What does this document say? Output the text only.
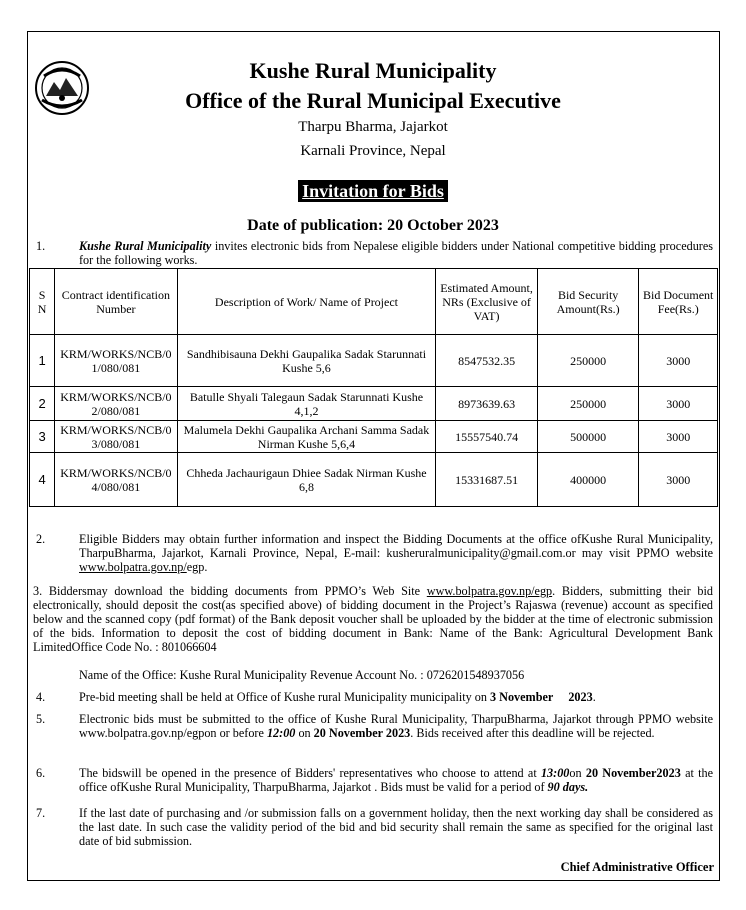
Kushe Rural Municipality
Office of the Rural Municipal Executive
Tharpu Bharma, Jajarkot
Karnali Province, Nepal
Invitation for Bids
Date of publication: 20 October 2023
1.	Kushe Rural Municipality invites electronic bids from Nepalese eligible bidders under National competitive bidding procedures for the following works.
S N	Contract identification Number	Description of Work/ Name of Project	Estimated Amount, NRs (Exclusive of VAT)	Bid Security Amount(Rs.)	Bid Document Fee(Rs.)
1	KRM/WORKS/NCB/01/080/081	Sandhibisauna Dekhi Gaupalika Sadak Starunnati Kushe 5,6	8547532.35	250000	3000
2	KRM/WORKS/NCB/02/080/081	Batulle Shyali Talegaun Sadak Starunnati Kushe 4,1,2	8973639.63	250000	3000
3	KRM/WORKS/NCB/03/080/081	Malumela Dekhi Gaupalika Archani Samma Sadak Nirman Kushe 5,6,4	15557540.74	500000	3000
4	KRM/WORKS/NCB/04/080/081	Chheda Jachaurigaun Dhiee Sadak Nirman Kushe 6,8	15331687.51	400000	3000
2.	Eligible Bidders may obtain further information and inspect the Bidding Documents at the office ofKushe Rural Municipality, TharpuBharma, Jajarkot, Karnali Province, Nepal, E-mail: kusheruralmunicipality@gmail.com.or may visit PPMO website www.bolpatra.gov.np/egp.
3. Biddersmay download the bidding documents from PPMO’s Web Site www.bolpatra.gov.np/egp. Bidders, submitting their bid electronically, should deposit the cost(as specified above) of bidding document in the Project’s Rajaswa (revenue) account as specified below and the scanned copy (pdf format) of the Bank deposit voucher shall be uploaded by the bidder at the time of electronic submission of the bids. Information to deposit the cost of bidding document in Bank: Name of the Bank: Agricultural Development Bank LimitedOffice Code No. : 801066604
Name of the Office: Kushe Rural Municipality Revenue Account No. : 0726201548937056
4.	Pre-bid meeting shall be held at Office of Kushe rural Municipality municipality on 3 November     2023.
5.	Electronic bids must be submitted to the office of Kushe Rural Municipality, TharpuBharma, Jajarkot through PPMO website www.bolpatra.gov.np/egpon or before 12:00 on 20 November 2023. Bids received after this deadline will be rejected.
6.	The bidswill be opened in the presence of Bidders' representatives who choose to attend at 13:00on 20 November2023 at the office ofKushe Rural Municipality, TharpuBharma, Jajarkot . Bids must be valid for a period of 90 days.
7.	If the last date of purchasing and /or submission falls on a government holiday, then the next working day shall be considered as the last date. In such case the validity period of the bid and bid security shall remain the same as specified for the original last date of bid submission.
Chief Administrative Officer
